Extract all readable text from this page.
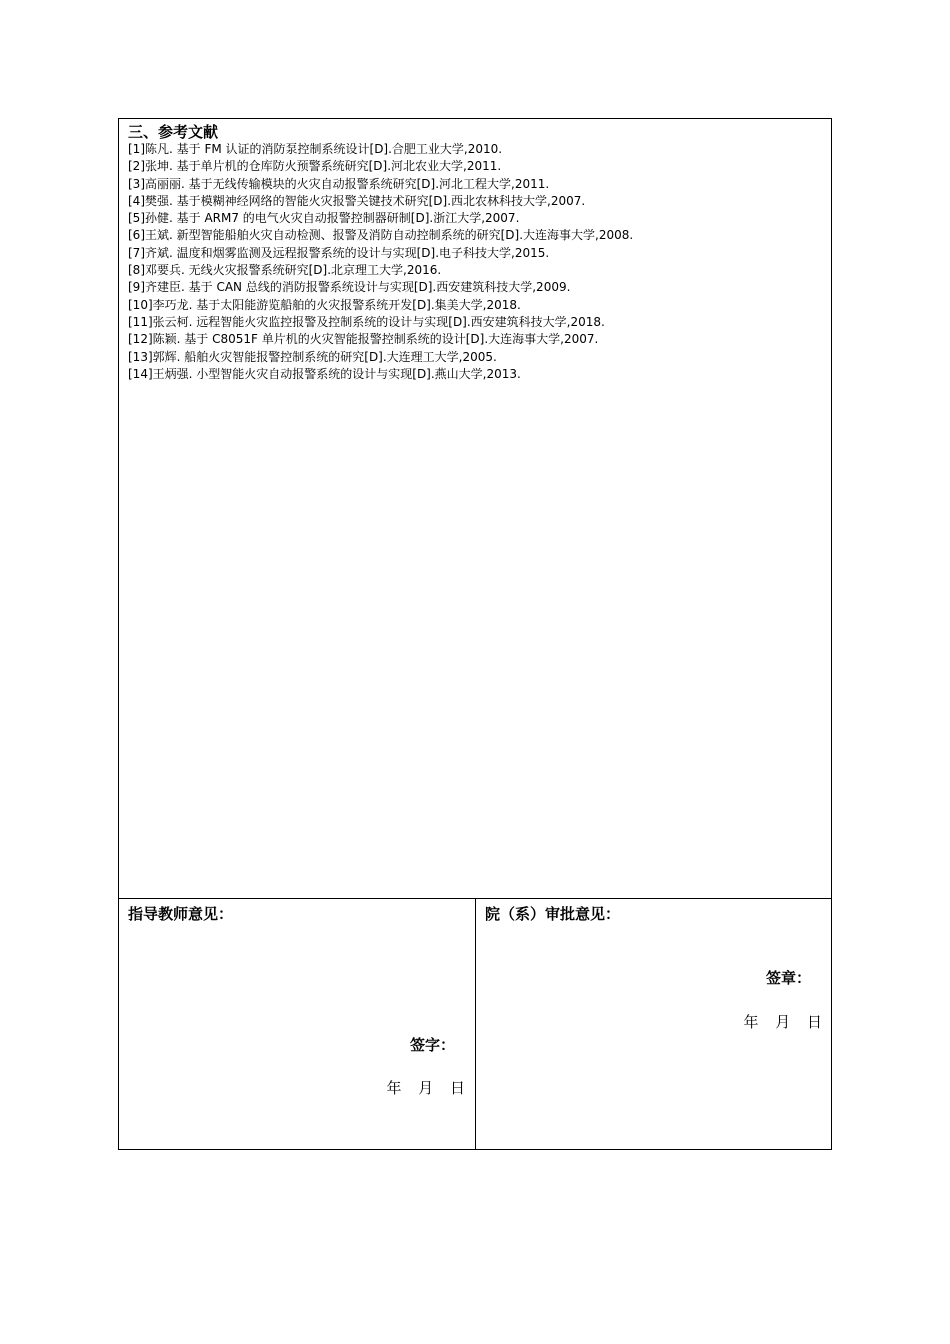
三、参考文献
[1]陈凡. 基于 FM 认证的消防泵控制系统设计[D].合肥工业大学,2010.
[2]张坤. 基于单片机的仓库防火预警系统研究[D].河北农业大学,2011.
[3]高丽丽. 基于无线传输模块的火灾自动报警系统研究[D].河北工程大学,2011.
[4]樊强. 基于模糊神经网络的智能火灾报警关键技术研究[D].西北农林科技大学,2007.
[5]孙健. 基于 ARM7 的电气火灾自动报警控制器研制[D].浙江大学,2007.
[6]王斌. 新型智能船舶火灾自动检测、报警及消防自动控制系统的研究[D].大连海事大学,2008.
[7]齐斌. 温度和烟雾监测及远程报警系统的设计与实现[D].电子科技大学,2015.
[8]邓要兵. 无线火灾报警系统研究[D].北京理工大学,2016.
[9]齐建臣. 基于 CAN 总线的消防报警系统设计与实现[D].西安建筑科技大学,2009.
[10]李巧龙. 基于太阳能游览船舶的火灾报警系统开发[D].集美大学,2018.
[11]张云柯. 远程智能火灾监控报警及控制系统的设计与实现[D].西安建筑科技大学,2018.
[12]陈颖. 基于 C8051F 单片机的火灾智能报警控制系统的设计[D].大连海事大学,2007.
[13]郭辉. 船舶火灾智能报警控制系统的研究[D].大连理工大学,2005.
[14]王炳强. 小型智能火灾自动报警系统的设计与实现[D].燕山大学,2013.
指导教师意见：
签字：
年 月 日
院（系）审批意见：
签章：
年 月 日
